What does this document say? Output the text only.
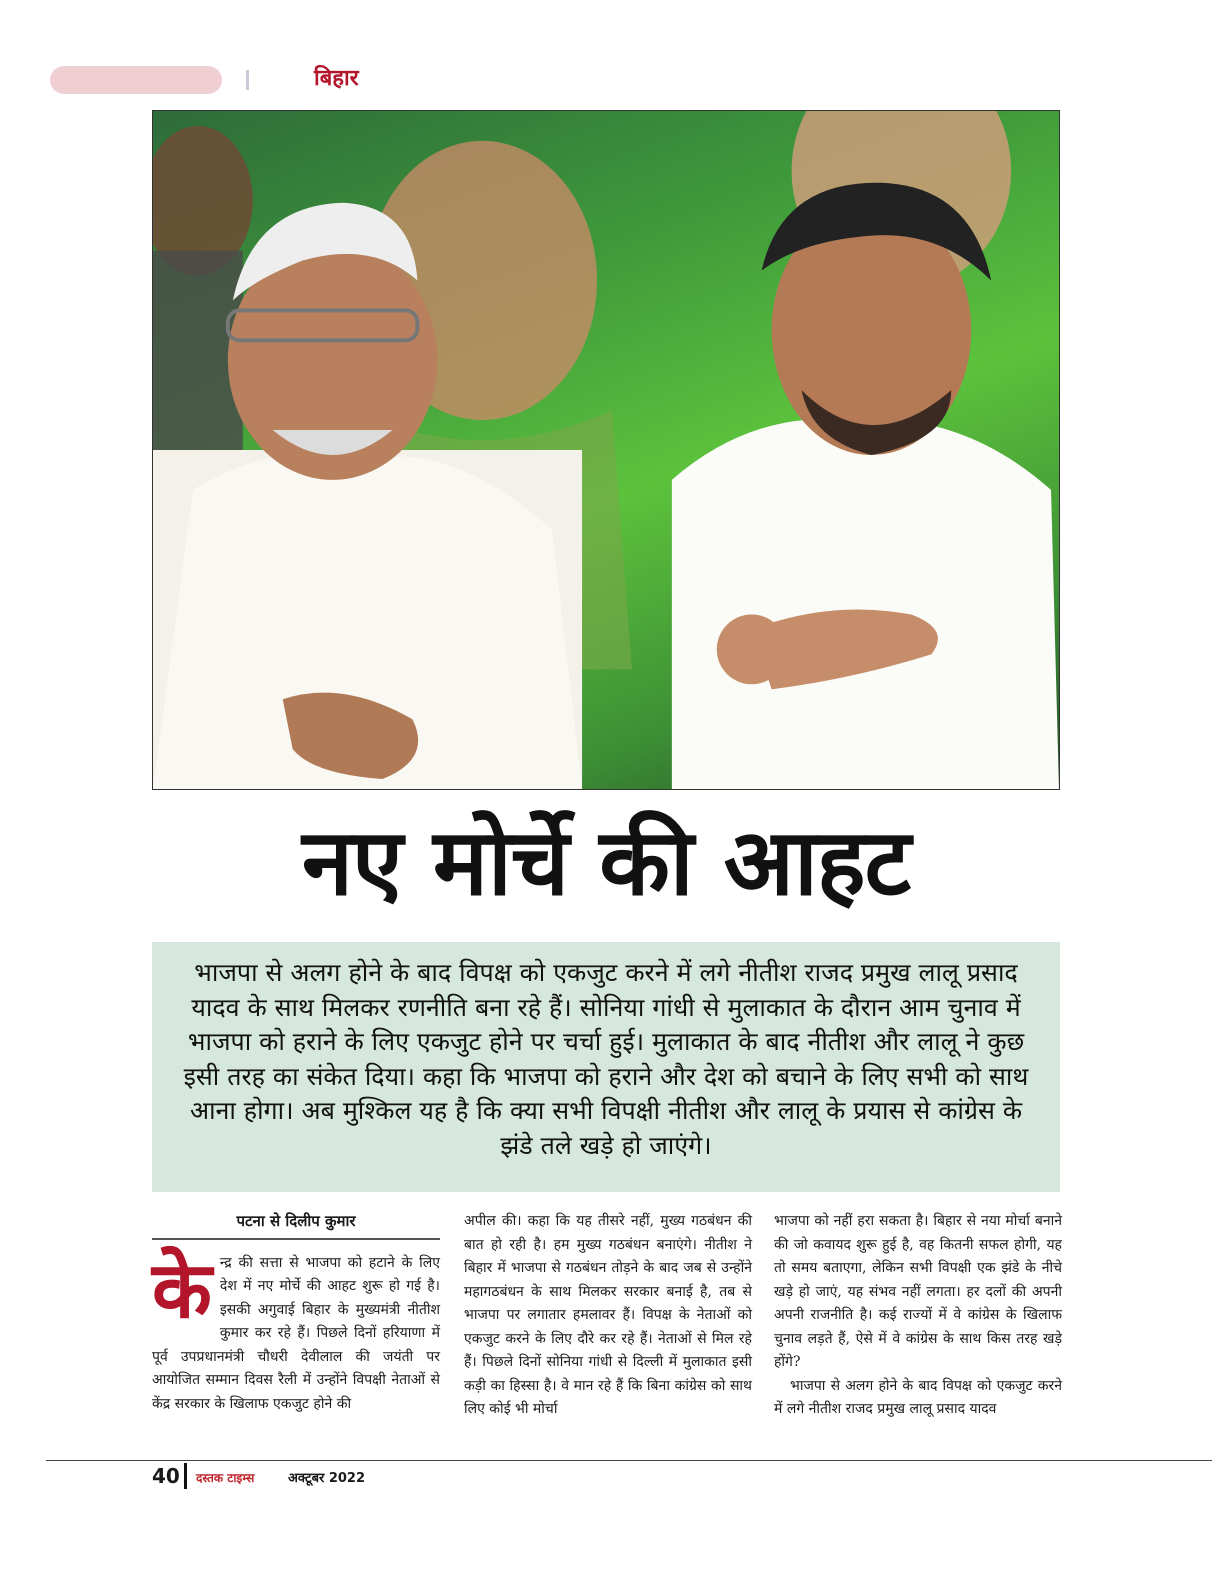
बिहार
नए मोर्चे की आहट

भाजपा से अलग होने के बाद विपक्ष को एकजुट करने में लगे नीतीश राजद प्रमुख लालू प्रसाद यादव के साथ मिलकर रणनीति बना रहे हैं। सोनिया गांधी से मुलाकात के दौरान आम चुनाव में भाजपा को हराने के लिए एकजुट होने पर चर्चा हुई। मुलाकात के बाद नीतीश और लालू ने कुछ इसी तरह का संकेत दिया। कहा कि भाजपा को हराने और देश को बचाने के लिए सभी को साथ आना होगा। अब मुश्किल यह है कि क्या सभी विपक्षी नीतीश और लालू के प्रयास से कांग्रेस के झंडे तले खड़े हो जाएंगे।

पटना से दिलीप कुमार
के न्द्र की सत्ता से भाजपा को हटाने के लिए देश में नए मोर्चे की आहट शुरू हो गई है। इसकी अगुवाई बिहार के मुख्यमंत्री नीतीश कुमार कर रहे हैं। पिछले दिनों हरियाणा में पूर्व उपप्रधानमंत्री चौधरी देवीलाल की जयंती पर आयोजित सम्मान दिवस रैली में उन्होंने विपक्षी नेताओं से केंद्र सरकार के खिलाफ एकजुट होने की
अपील की। कहा कि यह तीसरे नहीं, मुख्य गठबंधन की बात हो रही है। हम मुख्य गठबंधन बनाएंगे। नीतीश ने बिहार में भाजपा से गठबंधन तोड़ने के बाद जब से उन्होंने महागठबंधन के साथ मिलकर सरकार बनाई है, तब से भाजपा पर लगातार हमलावर हैं। विपक्ष के नेताओं को एकजुट करने के लिए दौरे कर रहे हैं। नेताओं से मिल रहे हैं। पिछले दिनों सोनिया गांधी से दिल्ली में मुलाकात इसी कड़ी का हिस्सा है। वे मान रहे हैं कि बिना कांग्रेस को साथ लिए कोई भी मोर्चा

भाजपा को नहीं हरा सकता है। बिहार से नया मोर्चा बनाने की जो कवायद शुरू हुई है, वह कितनी सफल होगी, यह तो समय बताएगा, लेकिन सभी विपक्षी एक झंडे के नीचे खड़े हो जाएं, यह संभव नहीं लगता। हर दलों की अपनी अपनी राजनीति है। कई राज्यों में वे कांग्रेस के खिलाफ चुनाव लड़ते हैं, ऐसे में वे कांग्रेस के साथ किस तरह खड़े होंगे?

भाजपा से अलग होने के बाद विपक्ष को एकजुट करने में लगे नीतीश राजद प्रमुख लालू प्रसाद यादव

40 दस्तक टाइम्स	अक्टूबर 2022
